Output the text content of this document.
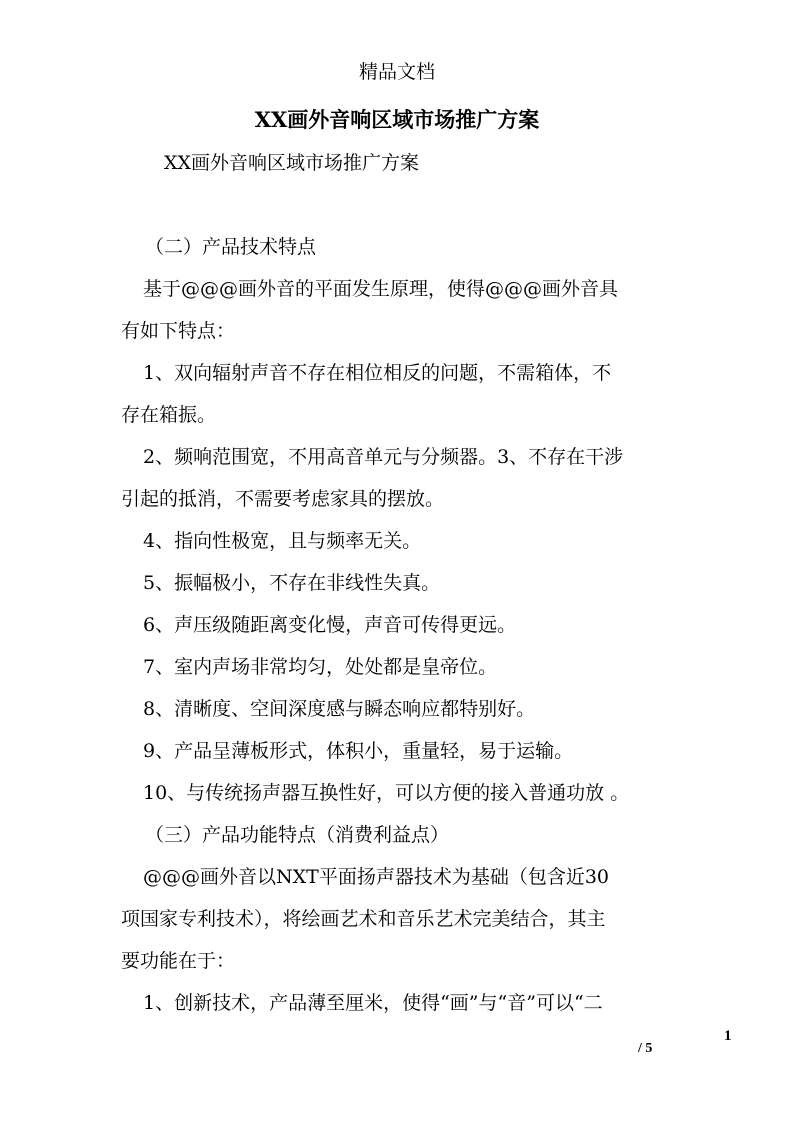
精品文档
XX画外音响区域市场推广方案
XX画外音响区域市场推广方案
（二）产品技术特点
基于@@@画外音的平面发生原理，使得@@@画外音具
有如下特点：
1、双向辐射声音不存在相位相反的问题，不需箱体，不
存在箱振。
2、频响范围宽，不用高音单元与分频器。3、不存在干涉
引起的抵消，不需要考虑家具的摆放。
4、指向性极宽，且与频率无关。
5、振幅极小，不存在非线性失真。
6、声压级随距离变化慢，声音可传得更远。
7、室内声场非常均匀，处处都是皇帝位。
8、清晰度、空间深度感与瞬态响应都特别好。
9、产品呈薄板形式，体积小，重量轻，易于运输。
10、与传统扬声器互换性好，可以方便的接入普通功放 。
（三）产品功能特点（消费利益点）
@@@画外音以NXT平面扬声器技术为基础（包含近30
项国家专利技术），将绘画艺术和音乐艺术完美结合，其主
要功能在于：
1、创新技术，产品薄至厘米，使得“画”与“音”可以“二
1
/ 5
